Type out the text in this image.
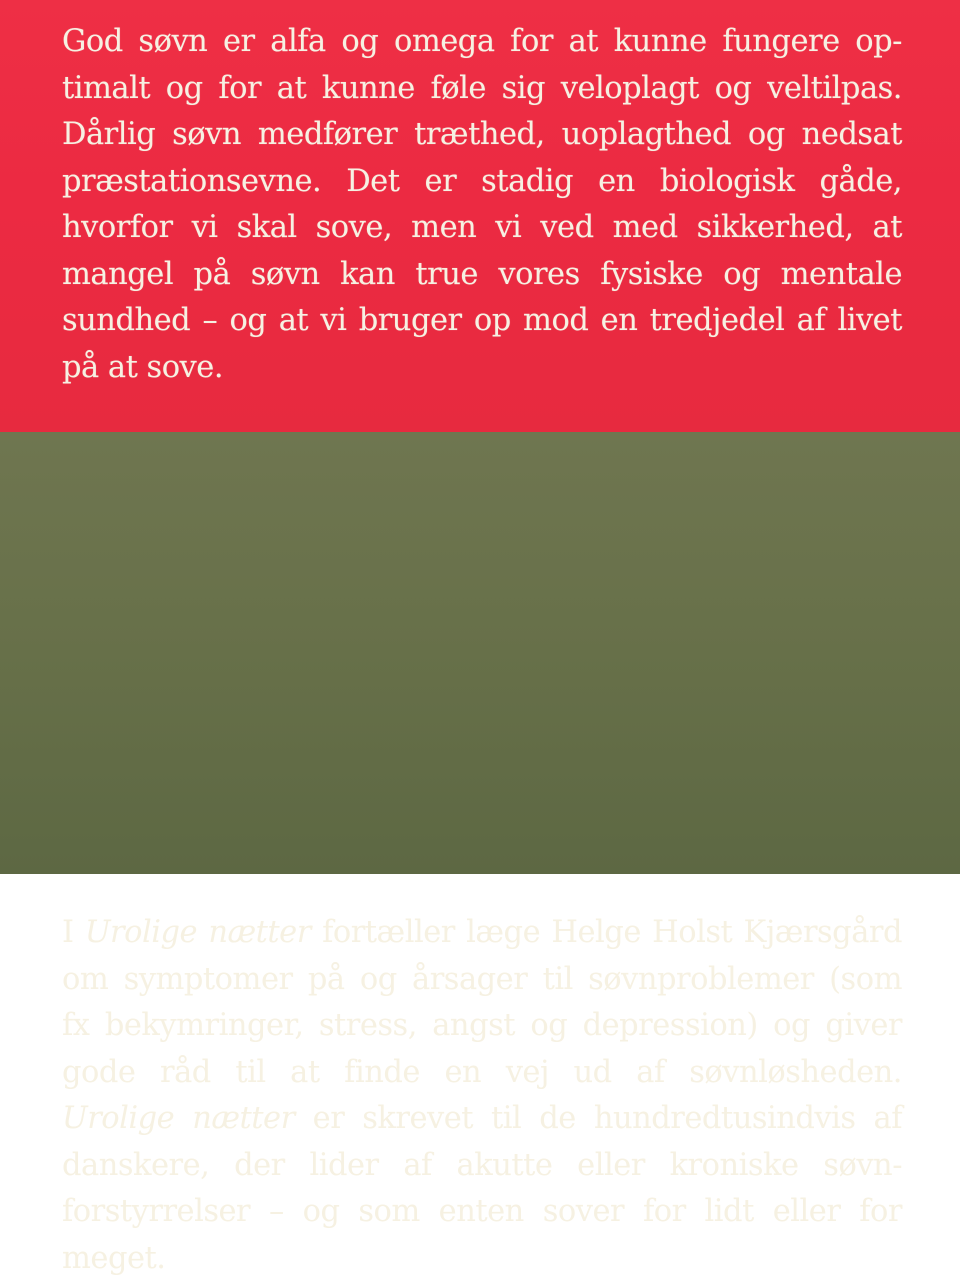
God søvn er alfa og omega for at kunne fungere op-
timalt og for at kunne føle sig veloplagt og veltilpas.
Dårlig søvn medfører træthed, uoplagthed og nedsat
præstationsevne. Det er stadig en biologisk gåde,
hvorfor vi skal sove, men vi ved med sikkerhed, at
mangel på søvn kan true vores fysiske og mentale
sundhed – og at vi bruger op mod en tredjedel af livet
på at sove.
I Urolige nætter fortæller læge Helge Holst Kjærsgård
om symptomer på og årsager til søvnproblemer (som
fx bekymringer, stress, angst og depression) og giver
gode råd til at finde en vej ud af søvnløsheden.
Urolige nætter er skrevet til de hundredtusindvis af
danskere, der lider af akutte eller kroniske søvn-
forstyrrelser – og som enten sover for lidt eller for
meget.
